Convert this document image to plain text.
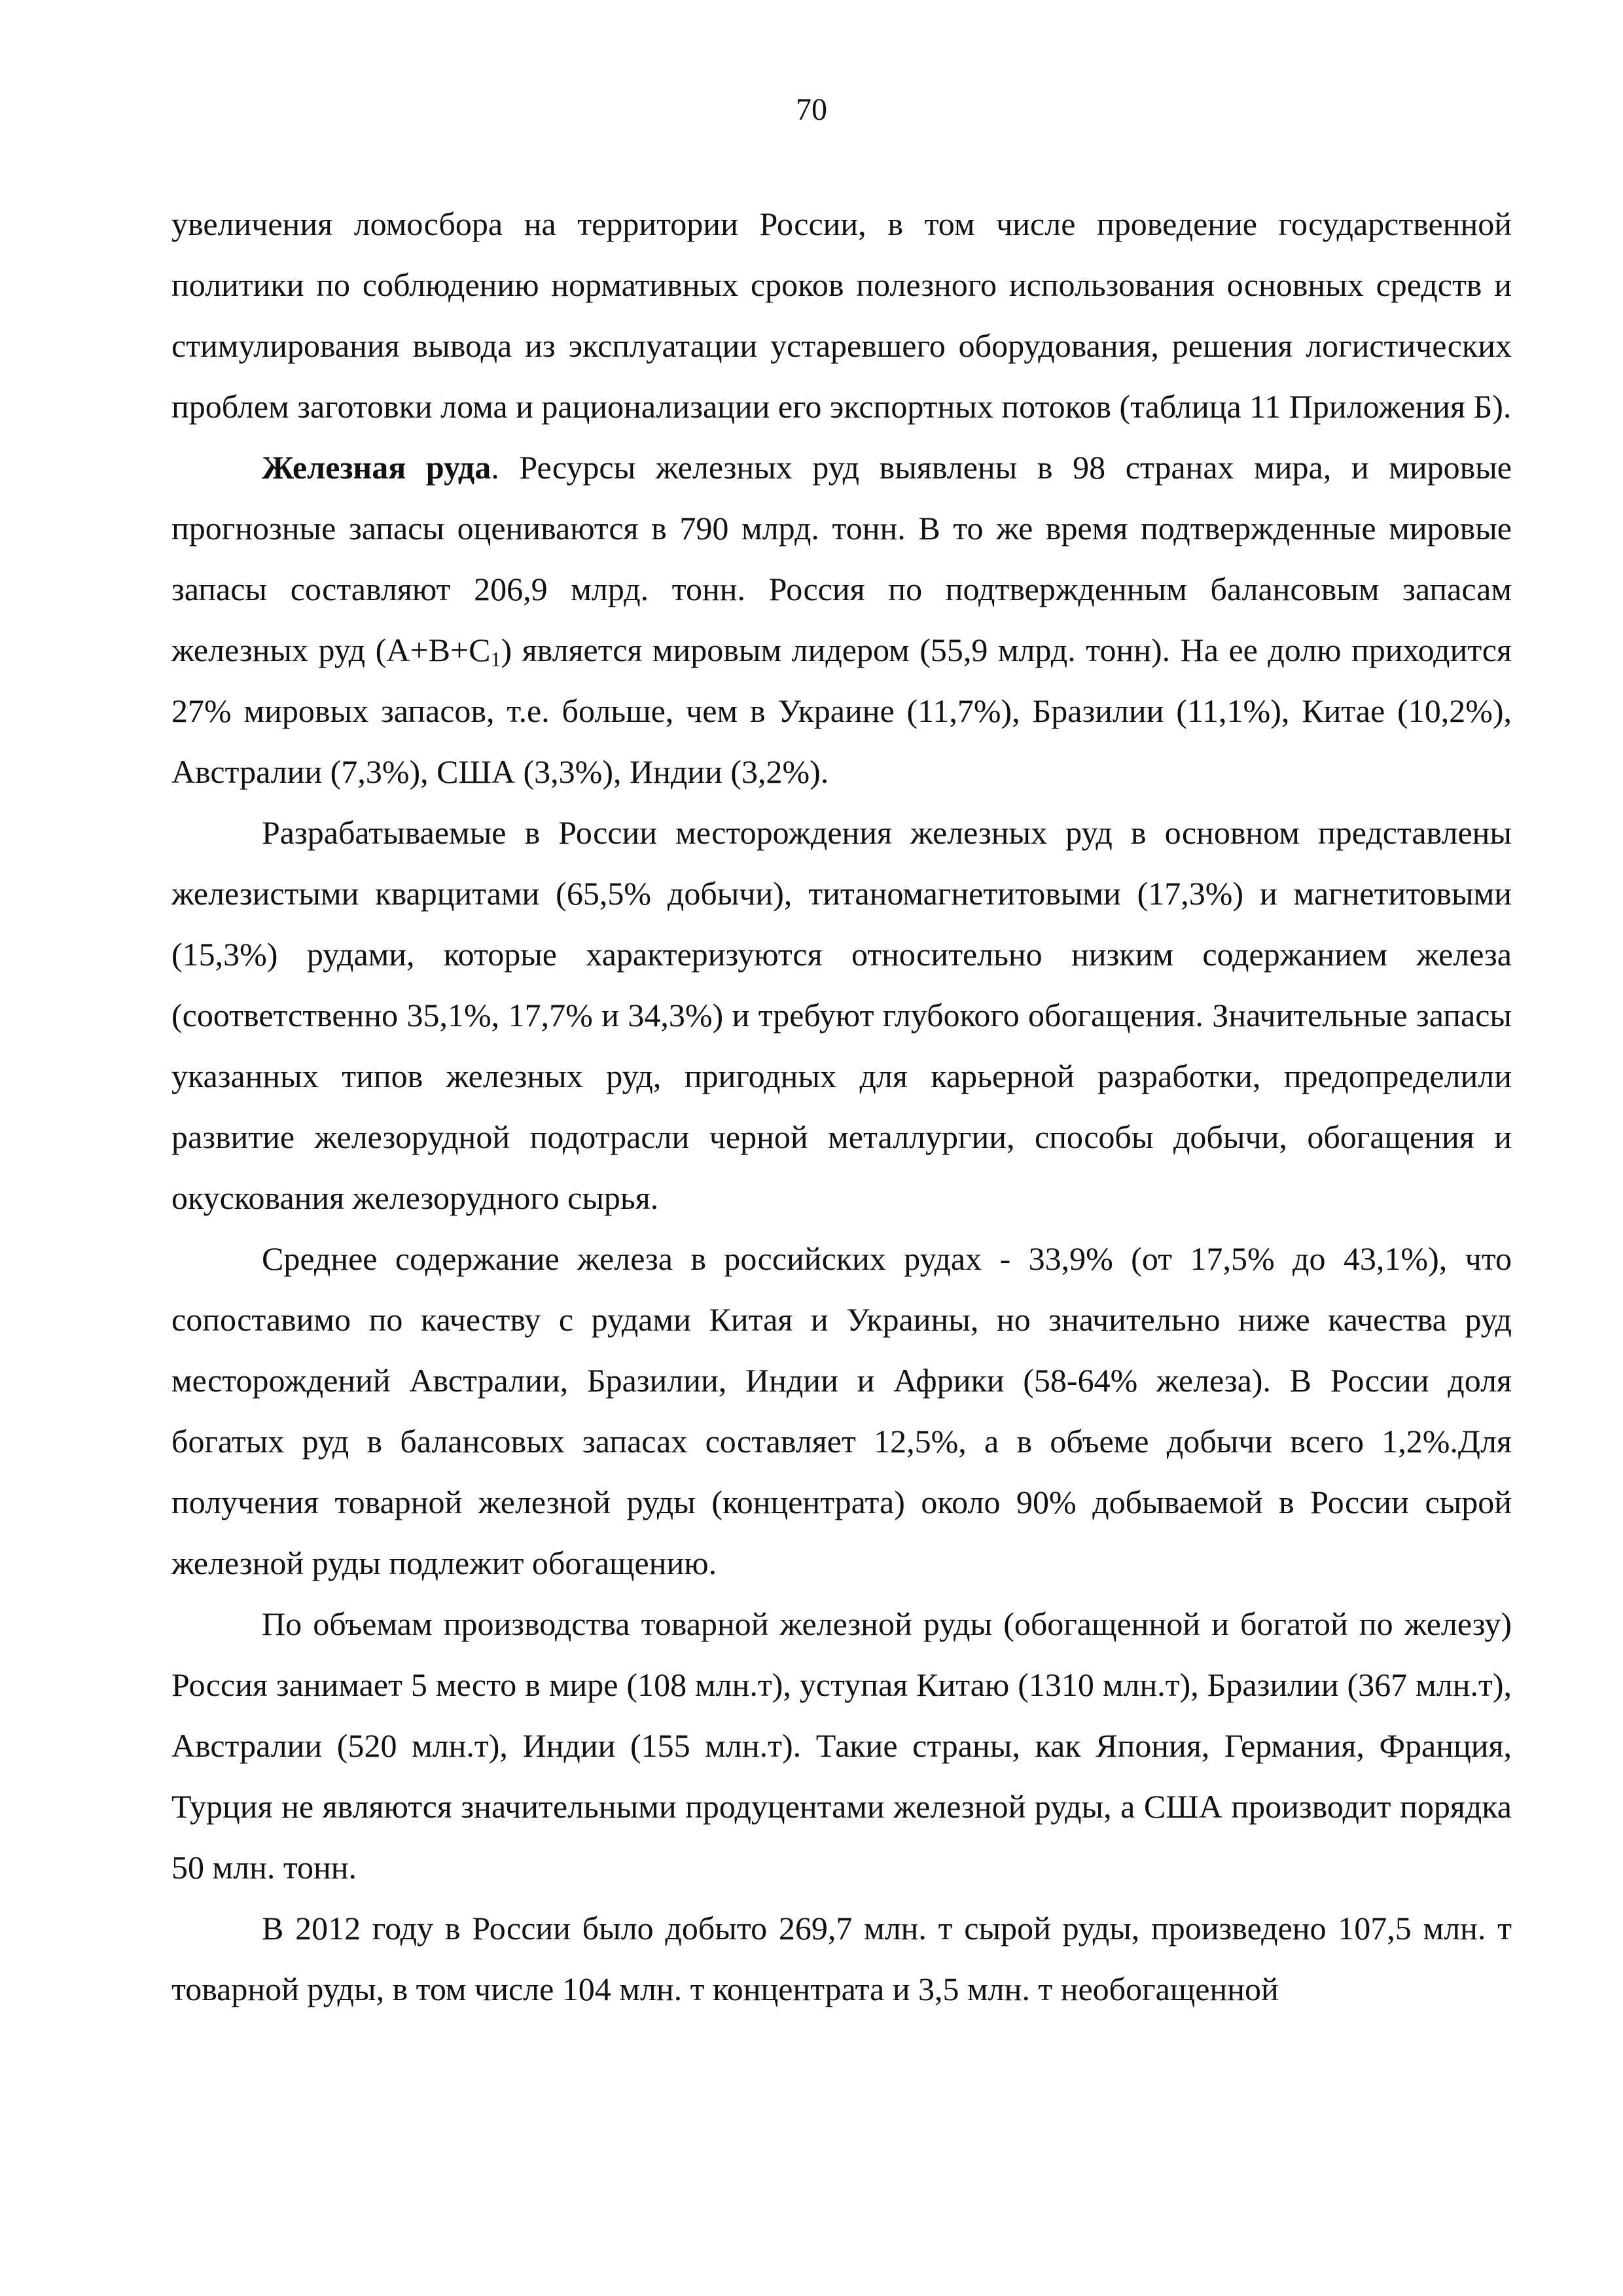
70

увеличения ломосбора на территории России, в том числе проведение государственной политики по соблюдению нормативных сроков полезного использования основных средств и стимулирования вывода из эксплуатации устаревшего оборудования, решения логистических проблем заготовки лома и рационализации его экспортных потоков (таблица 11 Приложения Б).

Железная руда. Ресурсы железных руд выявлены в 98 странах мира, и мировые прогнозные запасы оцениваются в 790 млрд. тонн. В то же время подтвержденные мировые запасы составляют 206,9 млрд. тонн. Россия по подтвержденным балансовым запасам железных руд $(А+В+С_1)$ является мировым лидером (55,9 млрд. тонн). На ее долю приходится 27% мировых запасов, т.е. больше, чем в Украине (11,7%), Бразилии (11,1%), Китае (10,2%), Австралии (7,3%), США (3,3%), Индии (3,2%).

Разрабатываемые в России месторождения железных руд в основном представлены железистыми кварцитами (65,5% добычи), титаномагнетитовыми (17,3%) и магнетитовыми (15,3%) рудами, которые характеризуются относительно низким содержанием железа (соответственно 35,1%, 17,7% и 34,3%) и требуют глубокого обогащения. Значительные запасы указанных типов железных руд, пригодных для карьерной разработки, предопределили развитие железорудной подотрасли черной металлургии, способы добычи, обогащения и окускования железорудного сырья.

Среднее содержание железа в российских рудах - 33,9% (от 17,5% до 43,1%), что сопоставимо по качеству с рудами Китая и Украины, но значительно ниже качества руд месторождений Австралии, Бразилии, Индии и Африки (58-64% железа). В России доля богатых руд в балансовых запасах составляет 12,5%, а в объеме добычи всего 1,2%.Для получения товарной железной руды (концентрата) около 90% добываемой в России сырой железной руды подлежит обогащению.

По объемам производства товарной железной руды (обогащенной и богатой по железу) Россия занимает 5 место в мире (108 млн.т), уступая Китаю (1310 млн.т), Бразилии (367 млн.т), Австралии (520 млн.т), Индии (155 млн.т). Такие страны, как Япония, Германия, Франция, Турция не являются значительными продуцентами железной руды, а США производит порядка 50 млн. тонн.

В 2012 году в России было добыто 269,7 млн. т сырой руды, произведено 107,5 млн. т товарной руды, в том числе 104 млн. т концентрата и 3,5 млн. т необогащенной
